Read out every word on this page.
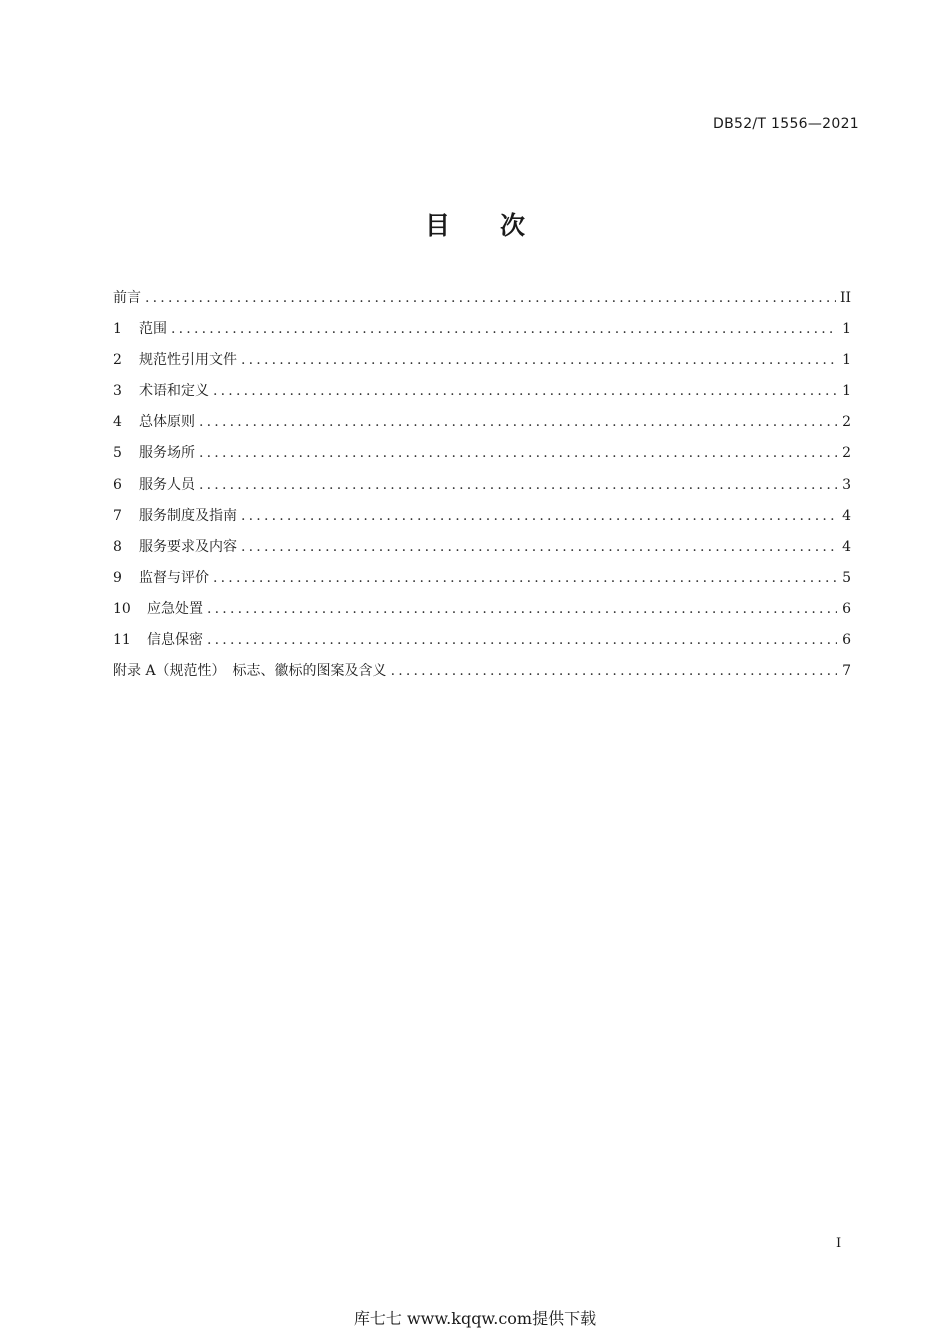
DB52/T 1556—2021
目次
前言 .....	II
1	范围 .....	1
2	规范性引用文件 .....	1
3	术语和定义 .....	1
4	总体原则 .....	2
5	服务场所 .....	2
6	服务人员 .....	3
7	服务制度及指南 .....	4
8	服务要求及内容 .....	4
9	监督与评价 .....	5
10	应急处置 .....	6
11	信息保密 .....	6
附录 A（规范性）　标志、徽标的图案及含义 .....	7
I
库七七 www.kqqw.com提供下载
